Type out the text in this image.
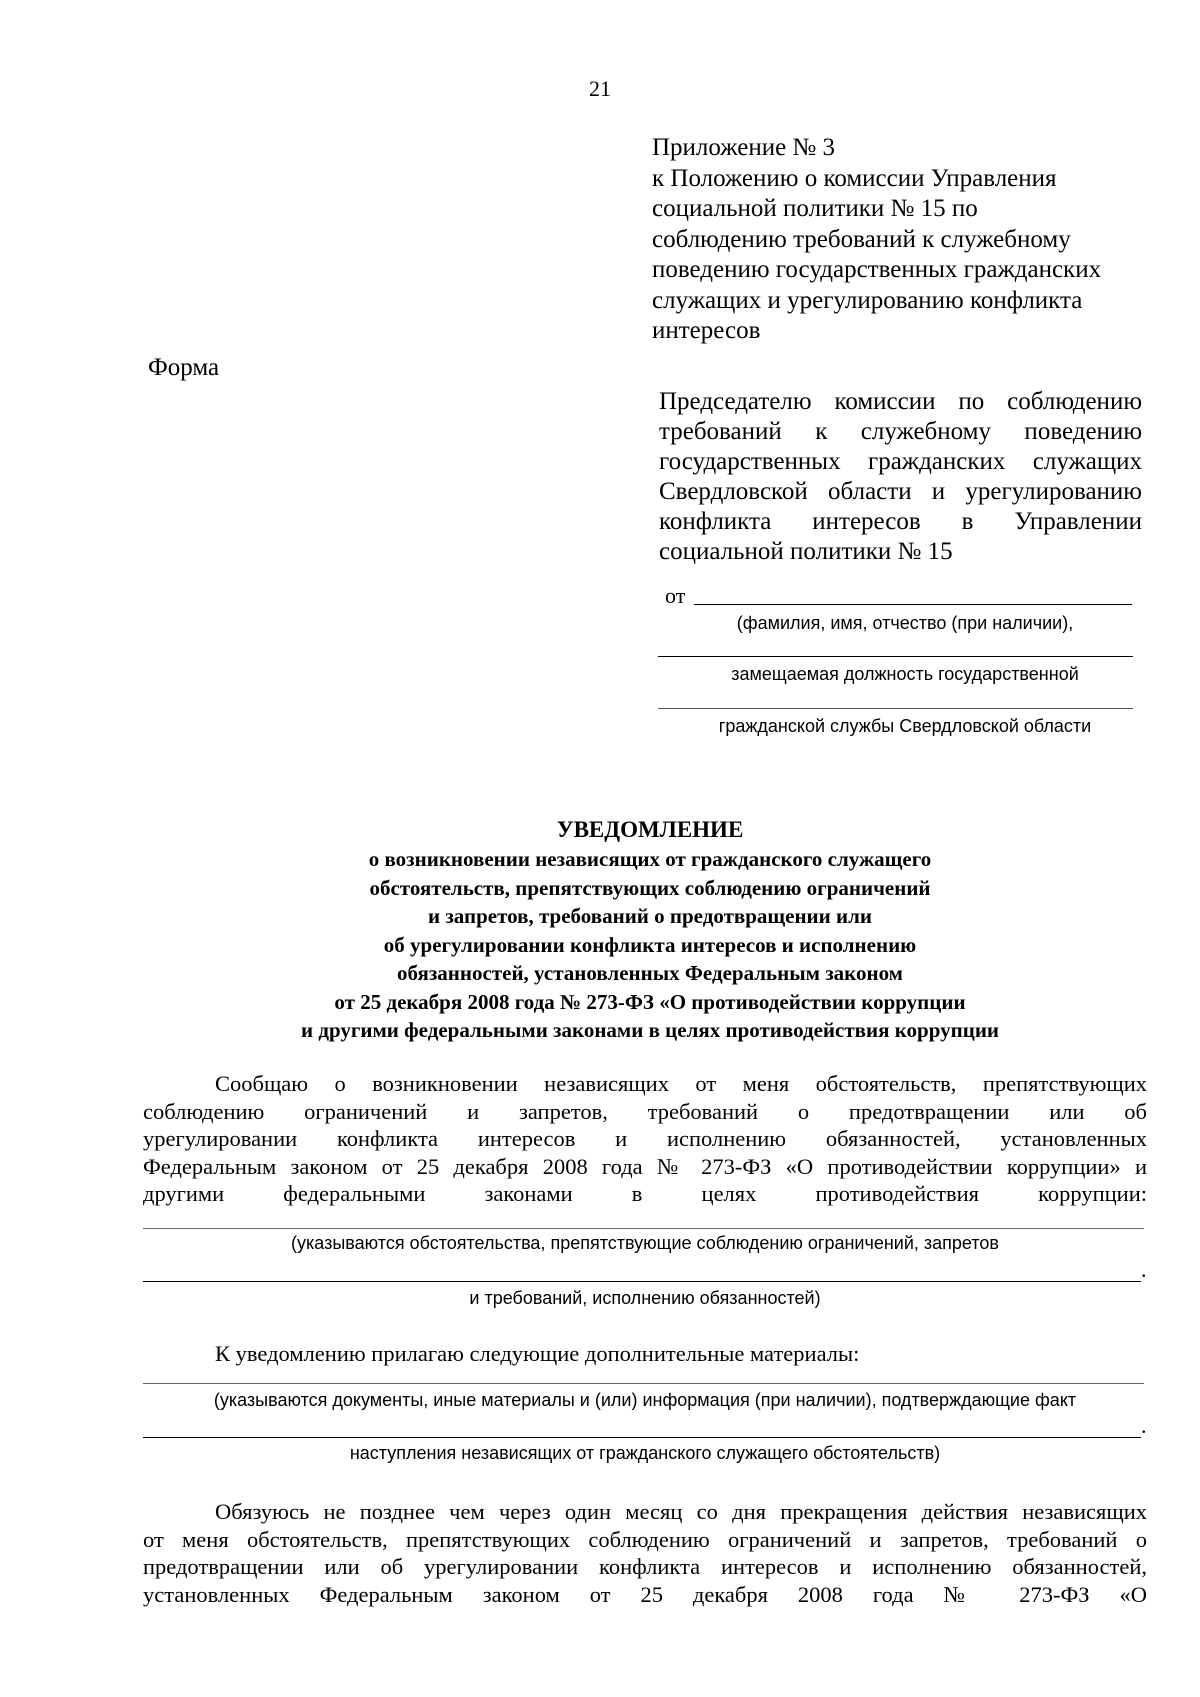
21
Приложение № 3
к Положению о комиссии Управления
социальной политики № 15 по
соблюдению требований к служебному
поведению государственных гражданских
служащих и урегулированию конфликта
интересов
Форма
Председателю комиссии по соблюдению
требований к служебному поведению
государственных гражданских служащих
Свердловской области и урегулированию
конфликта интересов в Управлении
социальной политики № 15
от
(фамилия, имя, отчество (при наличии),
замещаемая должность государственной
гражданской службы Свердловской области
УВЕДОМЛЕНИЕ
о возникновении независящих от гражданского служащего
обстоятельств, препятствующих соблюдению ограничений
и запретов, требований о предотвращении или
об урегулировании конфликта интересов и исполнению
обязанностей, установленных Федеральным законом
от 25 декабря 2008 года № 273-ФЗ «О противодействии коррупции
и другими федеральными законами в целях противодействия коррупции
Сообщаю о возникновении независящих от меня обстоятельств, препятствующих
соблюдению ограничений и запретов, требований о предотвращении или об
урегулировании конфликта интересов и исполнению обязанностей, установленных
Федеральным законом от 25 декабря 2008 года № 273-ФЗ «О противодействии коррупции» и
другими федеральными законами в целях противодействия коррупции:
(указываются обстоятельства, препятствующие соблюдению ограничений, запретов
.
и требований, исполнению обязанностей)
К уведомлению прилагаю следующие дополнительные материалы:
(указываются документы, иные материалы и (или) информация (при наличии), подтверждающие факт
.
наступления независящих от гражданского служащего обстоятельств)
Обязуюсь не позднее чем через один месяц со дня прекращения действия независящих
от меня обстоятельств, препятствующих соблюдению ограничений и запретов, требований о
предотвращении или об урегулировании конфликта интересов и исполнению обязанностей,
установленных Федеральным законом от 25 декабря 2008 года № 273-ФЗ «О
